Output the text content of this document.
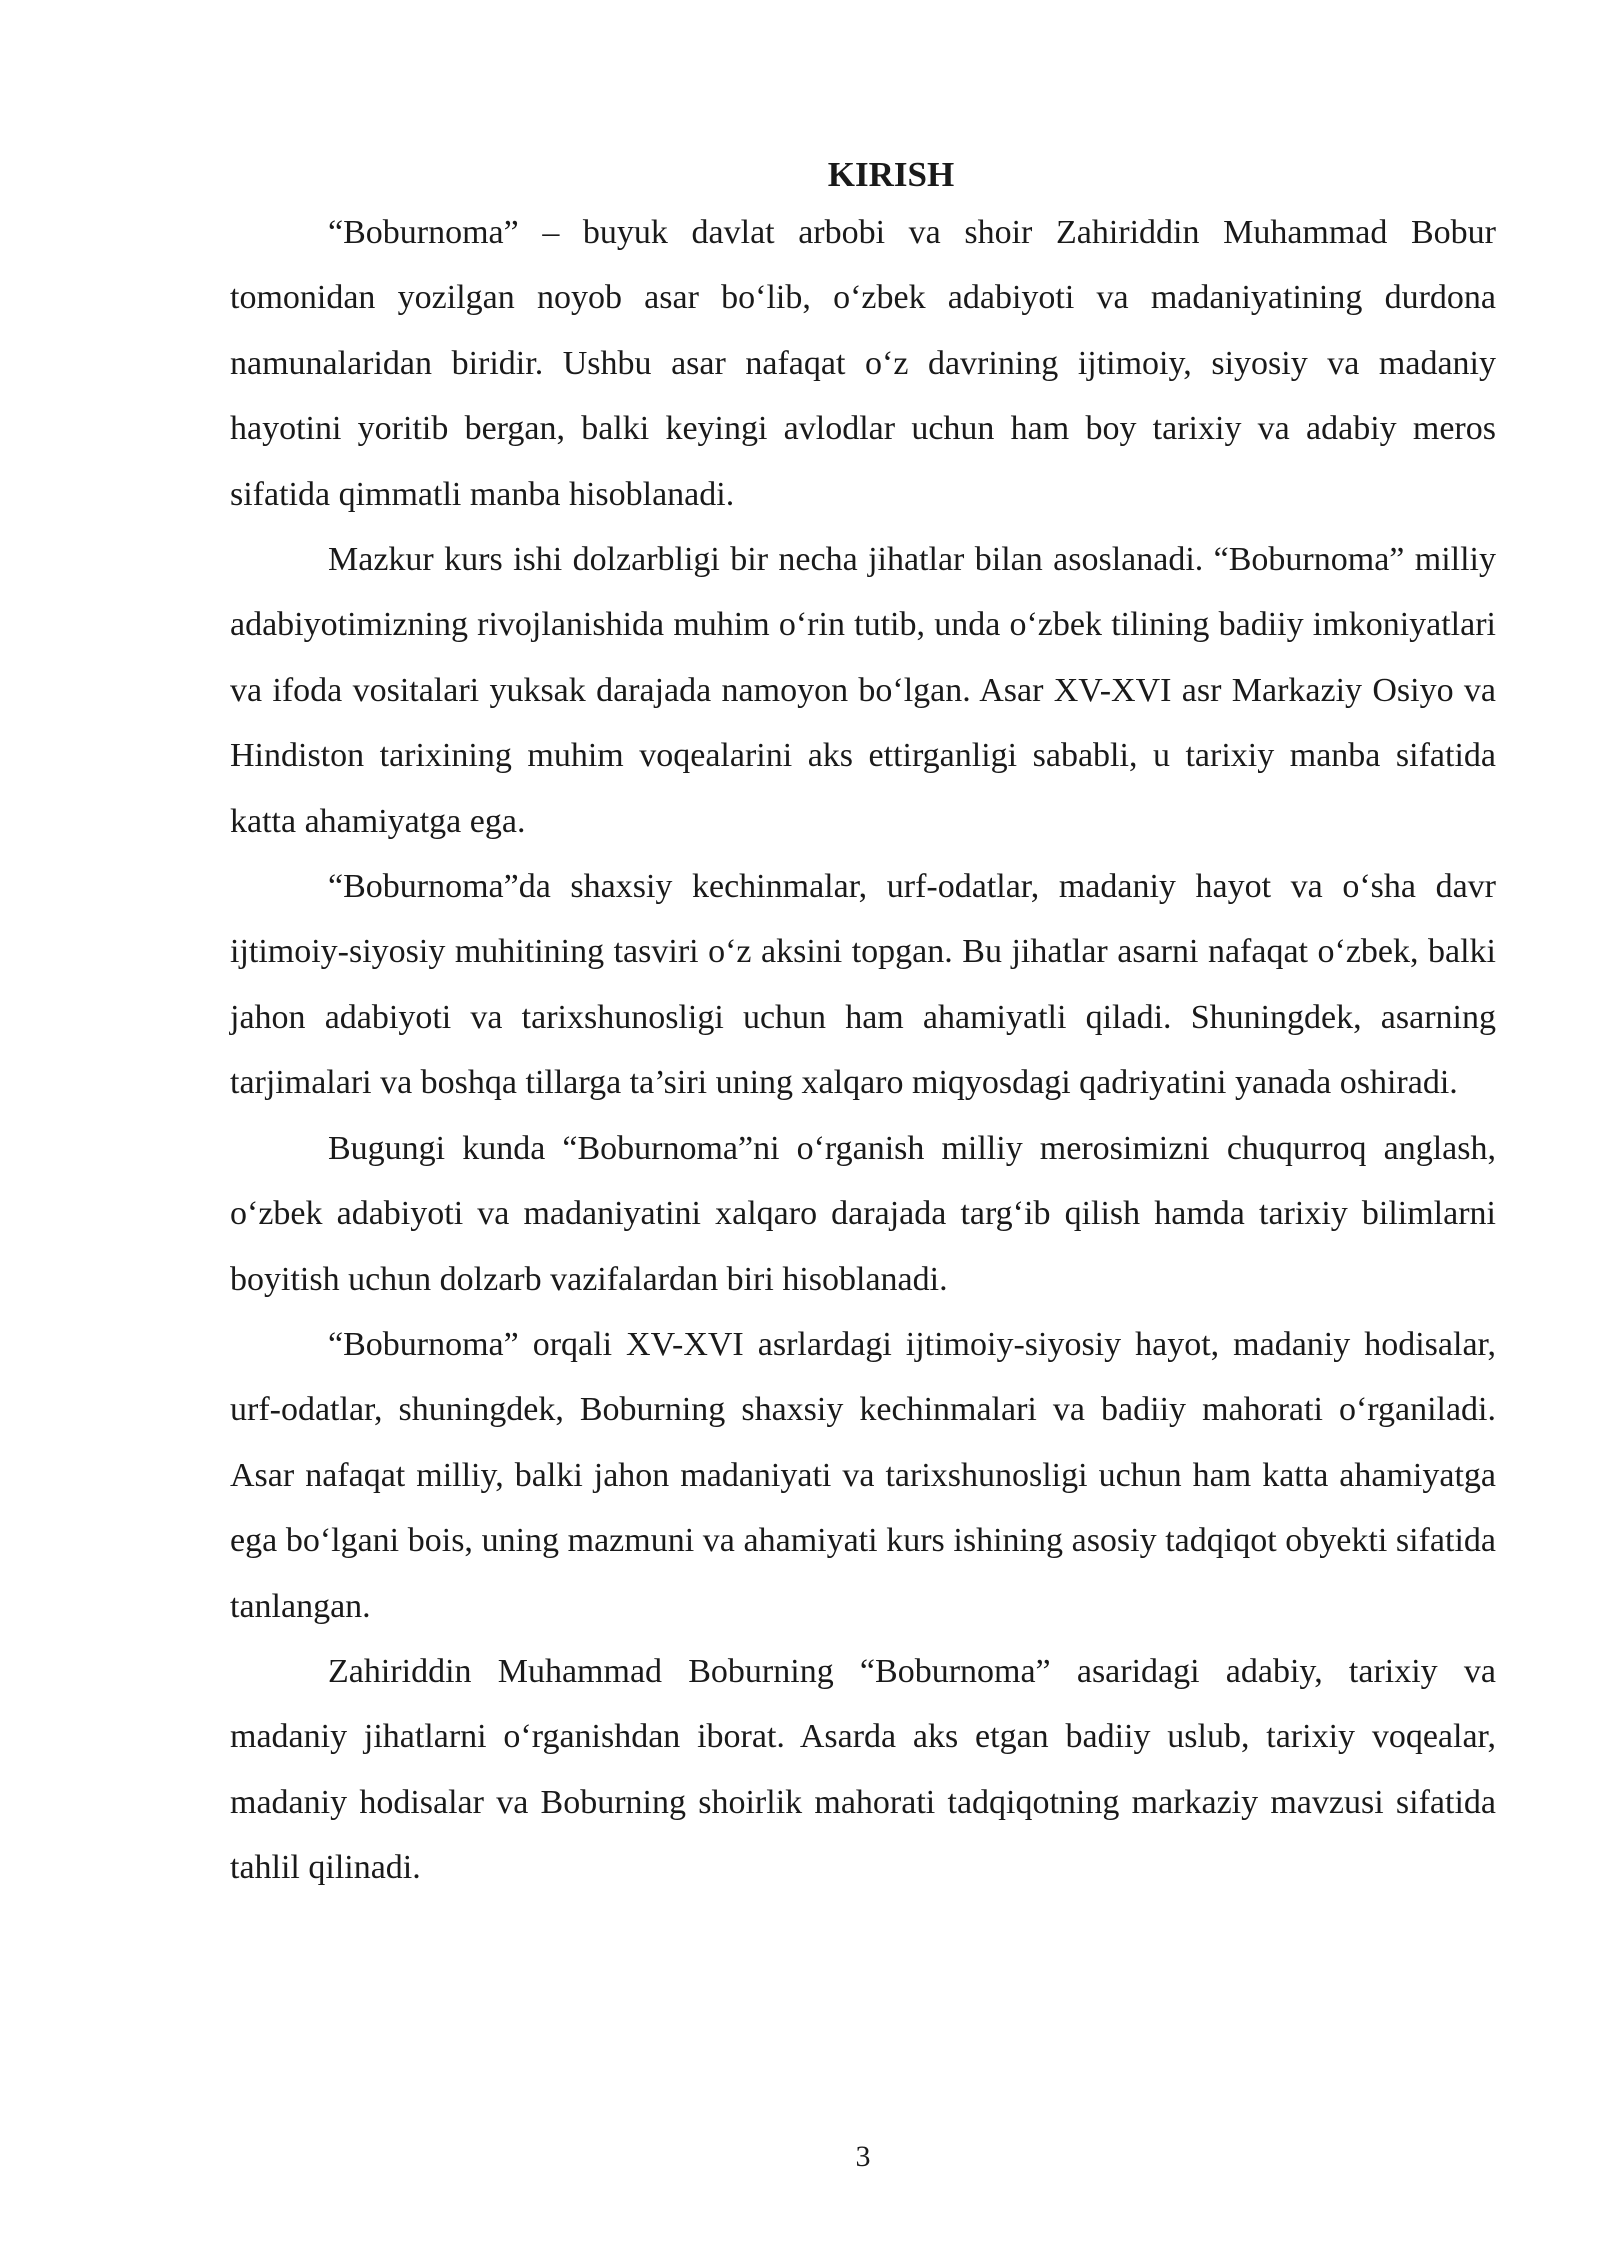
KIRISH

“Boburnoma” – buyuk davlat arbobi va shoir Zahiriddin Muhammad Bobur tomonidan yozilgan noyob asar bo‘lib, o‘zbek adabiyoti va madaniyatining durdona namunalaridan biridir. Ushbu asar nafaqat o‘z davrining ijtimoiy, siyosiy va madaniy hayotini yoritib bergan, balki keyingi avlodlar uchun ham boy tarixiy va adabiy meros sifatida qimmatli manba hisoblanadi.

Mazkur kurs ishi dolzarbligi bir necha jihatlar bilan asoslanadi. “Boburnoma” milliy adabiyotimizning rivojlanishida muhim o‘rin tutib, unda o‘zbek tilining badiiy imkoniyatlari va ifoda vositalari yuksak darajada namoyon bo‘lgan. Asar XV-XVI asr Markaziy Osiyo va Hindiston tarixining muhim voqealarini aks ettirganligi sababli, u tarixiy manba sifatida katta ahamiyatga ega.

“Boburnoma”da shaxsiy kechinmalar, urf-odatlar, madaniy hayot va o‘sha davr ijtimoiy-siyosiy muhitining tasviri o‘z aksini topgan. Bu jihatlar asarni nafaqat o‘zbek, balki jahon adabiyoti va tarixshunosligi uchun ham ahamiyatli qiladi. Shuningdek, asarning tarjimalari va boshqa tillarga ta’siri uning xalqaro miqyosdagi qadriyatini yanada oshiradi.

Bugungi kunda “Boburnoma”ni o‘rganish milliy merosimizni chuqurroq anglash, o‘zbek adabiyoti va madaniyatini xalqaro darajada targ‘ib qilish hamda tarixiy bilimlarni boyitish uchun dolzarb vazifalardan biri hisoblanadi.

“Boburnoma” orqali XV-XVI asrlardagi ijtimoiy-siyosiy hayot, madaniy hodisalar, urf-odatlar, shuningdek, Boburning shaxsiy kechinmalari va badiiy mahorati o‘rganiladi. Asar nafaqat milliy, balki jahon madaniyati va tarixshunosligi uchun ham katta ahamiyatga ega bo‘lgani bois, uning mazmuni va ahamiyati kurs ishining asosiy tadqiqot obyekti sifatida tanlangan.

Zahiriddin Muhammad Boburning “Boburnoma” asaridagi adabiy, tarixiy va madaniy jihatlarni o‘rganishdan iborat. Asarda aks etgan badiiy uslub, tarixiy voqealar, madaniy hodisalar va Boburning shoirlik mahorati tadqiqotning markaziy mavzusi sifatida tahlil qilinadi.

3
